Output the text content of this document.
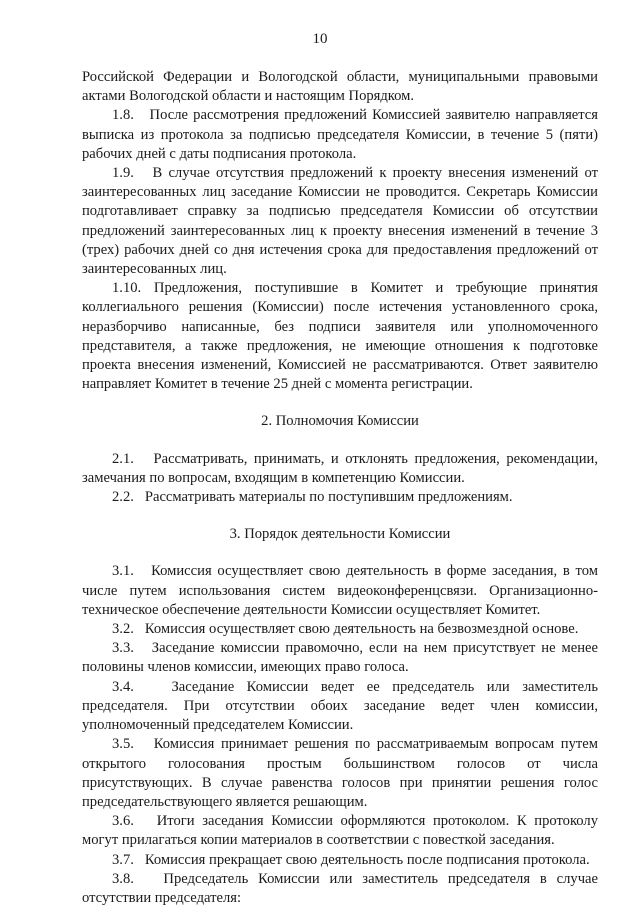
10

Российской Федерации и Вологодской области, муниципальными правовыми актами Вологодской области и настоящим Порядком.

1.8. После рассмотрения предложений Комиссией заявителю направляется выписка из протокола за подписью председателя Комиссии, в течение 5 (пяти) рабочих дней с даты подписания протокола.

1.9. В случае отсутствия предложений к проекту внесения изменений от заинтересованных лиц заседание Комиссии не проводится. Секретарь Комиссии подготавливает справку за подписью председателя Комиссии об отсутствии предложений заинтересованных лиц к проекту внесения изменений в течение 3 (трех) рабочих дней со дня истечения срока для предоставления предложений от заинтересованных лиц.

1.10. Предложения, поступившие в Комитет и требующие принятия коллегиального решения (Комиссии) после истечения установленного срока, неразборчиво написанные, без подписи заявителя или уполномоченного представителя, а также предложения, не имеющие отношения к подготовке проекта внесения изменений, Комиссией не рассматриваются. Ответ заявителю направляет Комитет в течение 25 дней с момента регистрации.

2. Полномочия Комиссии

2.1. Рассматривать, принимать, и отклонять предложения, рекомендации, замечания по вопросам, входящим в компетенцию Комиссии.

2.2. Рассматривать материалы по поступившим предложениям.

3. Порядок деятельности Комиссии

3.1. Комиссия осуществляет свою деятельность в форме заседания, в том числе путем использования систем видеоконференцсвязи. Организационно-техническое обеспечение деятельности Комиссии осуществляет Комитет.

3.2. Комиссия осуществляет свою деятельность на безвозмездной основе.

3.3. Заседание комиссии правомочно, если на нем присутствует не менее половины членов комиссии, имеющих право голоса.

3.4.	Заседание Комиссии ведет ее председатель или заместитель председателя. При отсутствии обоих заседание ведет член комиссии, уполномоченный председателем Комиссии.

3.5. Комиссия принимает решения по рассматриваемым вопросам путем открытого голосования простым большинством голосов от числа присутствующих. В случае равенства голосов при принятии решения голос председательствующего является решающим.

3.6. Итоги заседания Комиссии оформляются протоколом. К протоколу могут прилагаться копии материалов в соответствии с повесткой заседания.

3.7. Комиссия прекращает свою деятельность после подписания протокола.

3.8. Председатель Комиссии или заместитель председателя в случае отсутствии председателя:
